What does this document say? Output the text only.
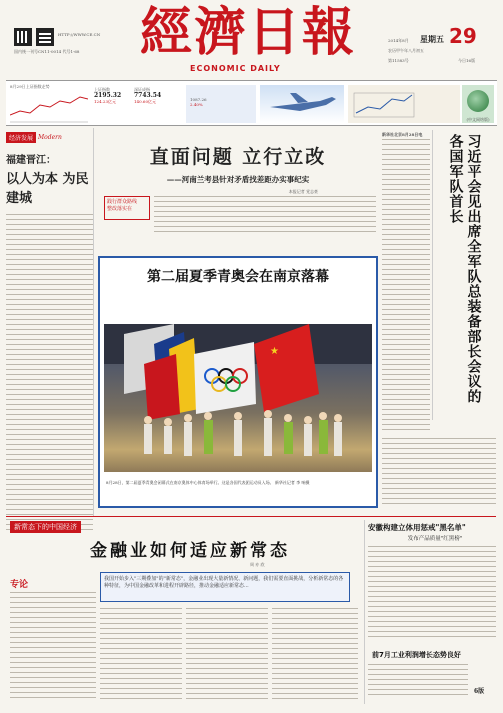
HTTP://WWW.CE.CN
国内统一刊号CN11-0014 代号1-68	經濟日報
ECONOMIC DAILY
2014年8月 星期五 29
农历甲午年八月初五
第11583号	今日16版
8月29日上证指数走势
上证指数
2195.32
124.23亿元
深证成指
7743.54
140.60亿元	1087.26
2.40%
(中文网络版)
经济发展 Modern
福建晋江：
以人为本 为民建城
直面问题 立行立改
——河南兰考县针对矛盾找差距办实事纪实
本报记者 党志豪
践行群众路线
整改落实在
第二届夏季青奥会在南京落幕
★
8月28日，第二届夏季青奥会闭幕式在南京奥体中心体育场举行。这是各国代表团运动员入场。 新华社记者 李 响摄
新华社北京8月28日电	习近平会见出席全军队总装备部长会议的各国军队首长
新常态下的中国经济
金融业如何适应新常态
周 亦 欣
专论
我国开始步入"三期叠加"的"新常态"，金融业出现大量新情况、新问题，我们需要直面挑战，分析新常态的各种特征，为中国金融改革和进程开辟路径，推动金融适应新常态...
安徽构建立体用惩戒"黑名单"
发布产品质量"红黑榜"
前7月工业利润增长态势良好
6版
